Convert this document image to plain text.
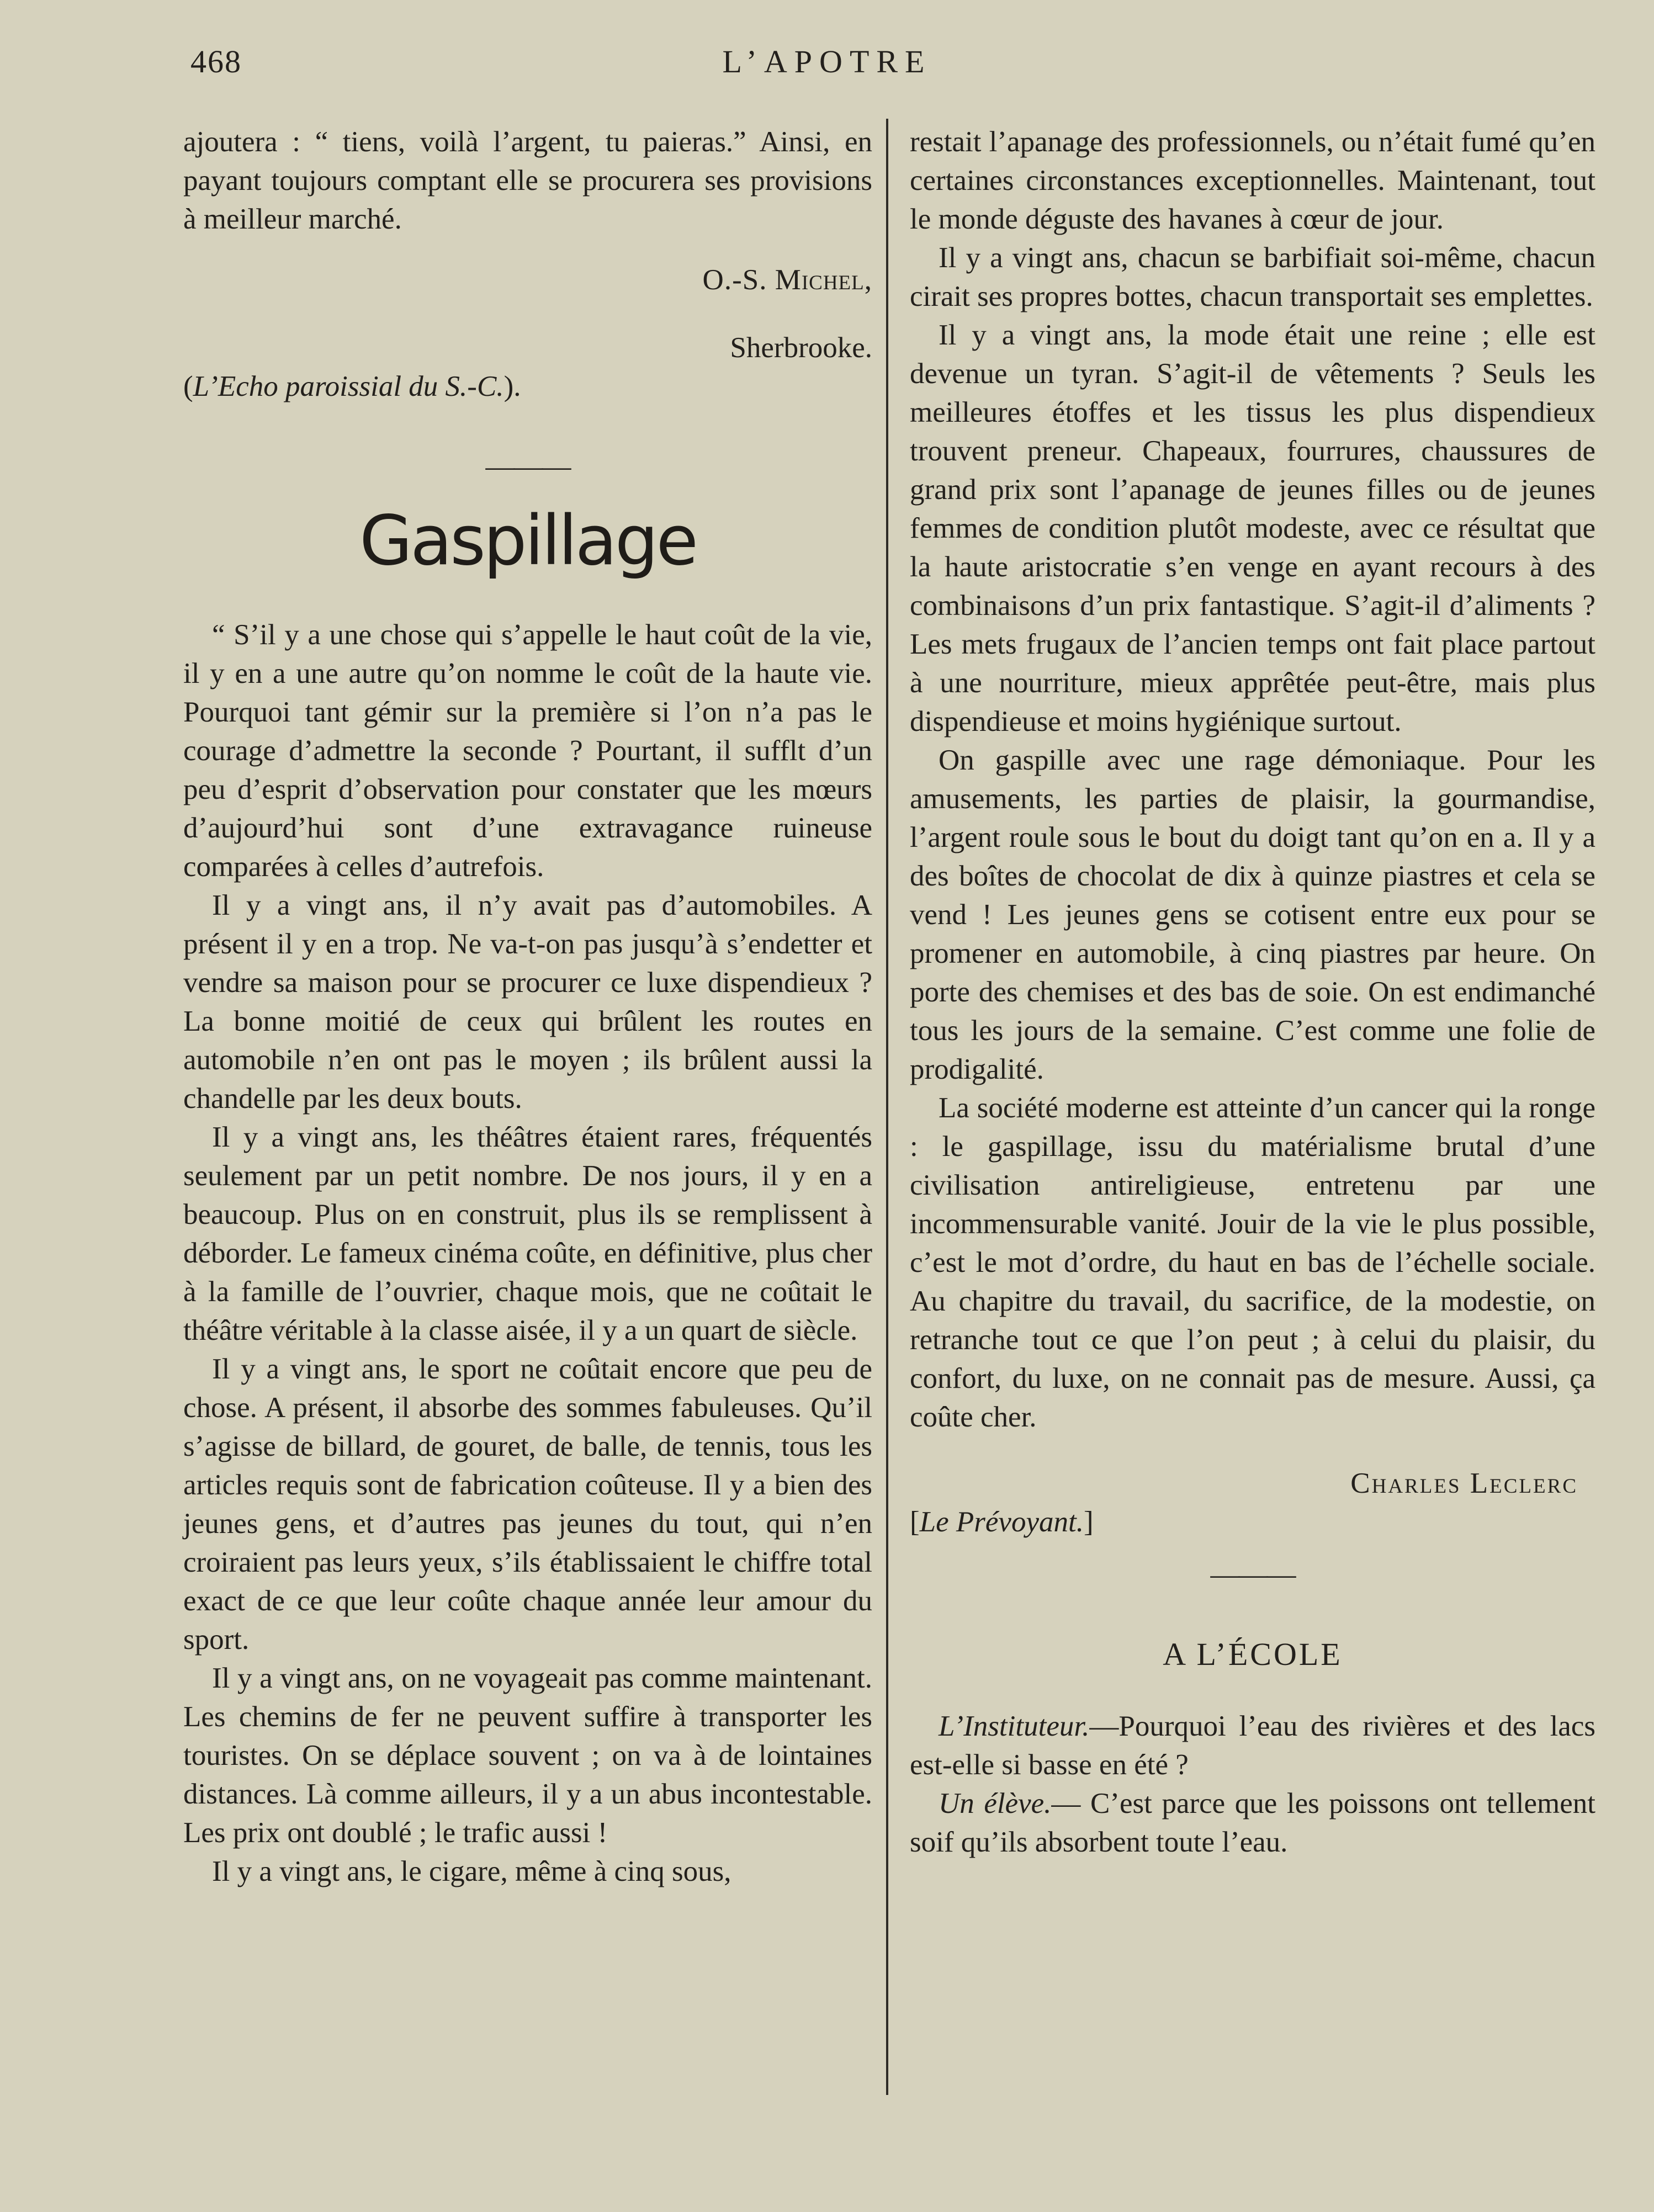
468	L’APOTRE

ajoutera : “ tiens, voilà l’argent, tu paieras.” Ainsi, en payant toujours comptant elle se procurera ses provisions à meilleur marché.

O.-S. Michel,

Sherbrooke.

(L’Echo paroissial du S.-C.).

———
Gaspillage

“ S’il y a une chose qui s’appelle le haut coût de la vie, il y en a une autre qu’on nomme le coût de la haute vie. Pourquoi tant gémir sur la première si l’on n’a pas le courage d’admettre la seconde ? Pourtant, il sufflt d’un peu d’esprit d’observation pour constater que les mœurs d’aujourd’hui sont d’une extravagance ruineuse comparées à celles d’autrefois.

Il y a vingt ans, il n’y avait pas d’automobiles. A présent il y en a trop. Ne va-t-on pas jusqu’à s’endetter et vendre sa maison pour se procurer ce luxe dispendieux ? La bonne moitié de ceux qui brûlent les routes en automobile n’en ont pas le moyen ; ils brûlent aussi la chandelle par les deux bouts.

Il y a vingt ans, les théâtres étaient rares, fréquentés seulement par un petit nombre. De nos jours, il y en a beaucoup. Plus on en construit, plus ils se remplissent à déborder. Le fameux cinéma coûte, en définitive, plus cher à la famille de l’ouvrier, chaque mois, que ne coûtait le théâtre véritable à la classe aisée, il y a un quart de siècle.

Il y a vingt ans, le sport ne coûtait encore que peu de chose. A présent, il absorbe des sommes fabuleuses. Qu’il s’agisse de billard, de gouret, de balle, de tennis, tous les articles requis sont de fabrication coûteuse. Il y a bien des jeunes gens, et d’autres pas jeunes du tout, qui n’en croiraient pas leurs yeux, s’ils établissaient le chiffre total exact de ce que leur coûte chaque année leur amour du sport.

Il y a vingt ans, on ne voyageait pas comme maintenant. Les chemins de fer ne peuvent suffire à transporter les touristes. On se déplace souvent ; on va à de lointaines distances. Là comme ailleurs, il y a un abus incontestable. Les prix ont doublé ; le trafic aussi !

Il y a vingt ans, le cigare, même à cinq sous,

restait l’apanage des professionnels, ou n’était fumé qu’en certaines circonstances exceptionnelles. Maintenant, tout le monde déguste des havanes à cœur de jour.

Il y a vingt ans, chacun se barbifiait soi-même, chacun cirait ses propres bottes, chacun transportait ses emplettes.

Il y a vingt ans, la mode était une reine ; elle est devenue un tyran. S’agit-il de vêtements ? Seuls les meilleures étoffes et les tissus les plus dispendieux trouvent preneur. Chapeaux, fourrures, chaussures de grand prix sont l’apanage de jeunes filles ou de jeunes femmes de condition plutôt modeste, avec ce résultat que la haute aristocratie s’en venge en ayant recours à des combinaisons d’un prix fantastique. S’agit-il d’aliments ? Les mets frugaux de l’ancien temps ont fait place partout à une nourriture, mieux apprêtée peut-être, mais plus dispendieuse et moins hygiénique surtout.

On gaspille avec une rage démoniaque. Pour les amusements, les parties de plaisir, la gourmandise, l’argent roule sous le bout du doigt tant qu’on en a. Il y a des boîtes de chocolat de dix à quinze piastres et cela se vend ! Les jeunes gens se cotisent entre eux pour se promener en automobile, à cinq piastres par heure. On porte des chemises et des bas de soie. On est endimanché tous les jours de la semaine. C’est comme une folie de prodigalité.

La société moderne est atteinte d’un cancer qui la ronge : le gaspillage, issu du matérialisme brutal d’une civilisation antireligieuse, entretenu par une incommensurable vanité. Jouir de la vie le plus possible, c’est le mot d’ordre, du haut en bas de l’échelle sociale. Au chapitre du travail, du sacrifice, de la modestie, on retranche tout ce que l’on peut ; à celui du plaisir, du confort, du luxe, on ne connait pas de mesure. Aussi, ça coûte cher.

Charles Leclerc

[Le Prévoyant.]

———
A L’ÉCOLE

L’Instituteur.—Pourquoi l’eau des rivières et des lacs est-elle si basse en été ?

Un élève.— C’est parce que les poissons ont tellement soif qu’ils absorbent toute l’eau.
